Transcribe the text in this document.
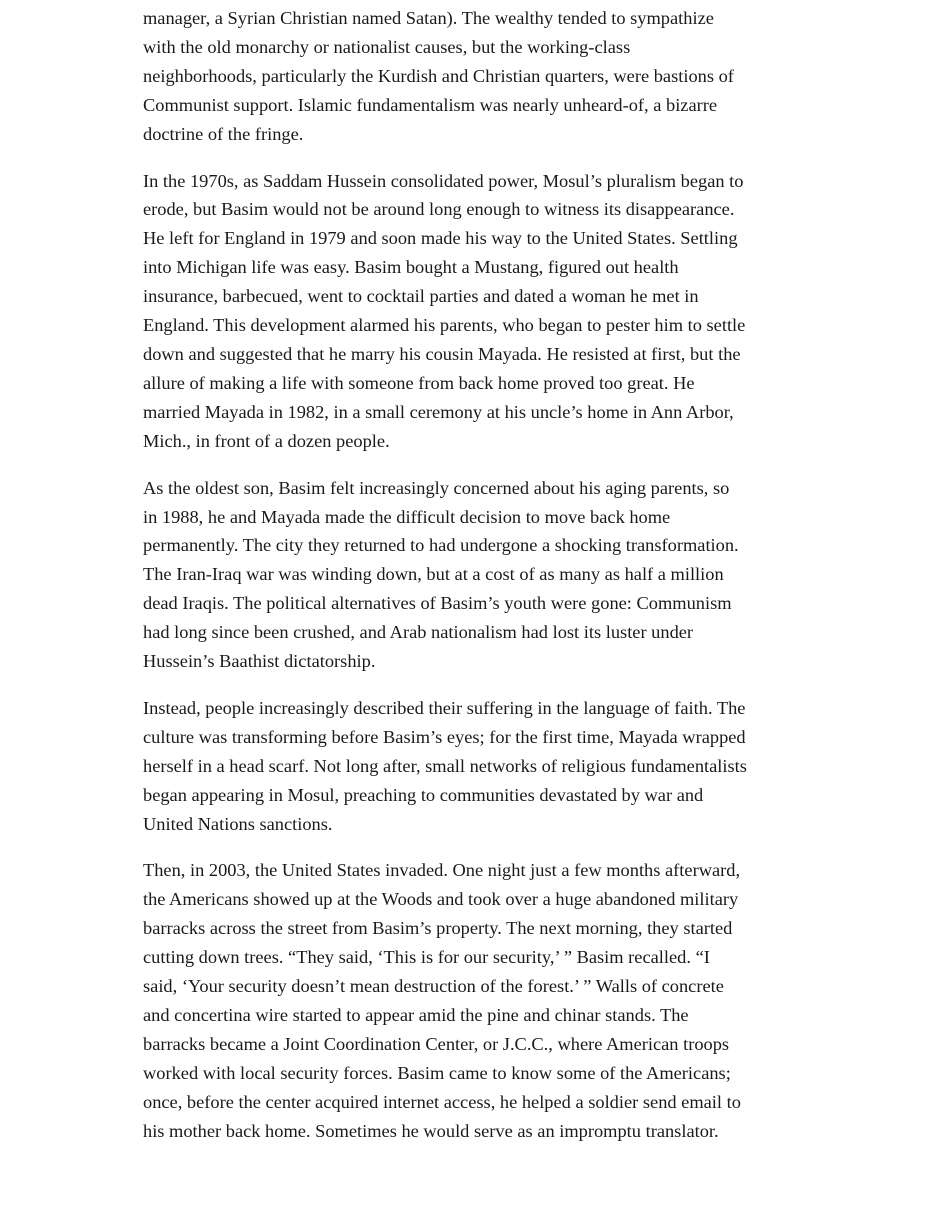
manager, a Syrian Christian named Satan). The wealthy tended to sympathize with the old monarchy or nationalist causes, but the working-class neighborhoods, particularly the Kurdish and Christian quarters, were bastions of Communist support. Islamic fundamentalism was nearly unheard-of, a bizarre doctrine of the fringe.

In the 1970s, as Saddam Hussein consolidated power, Mosul’s pluralism began to erode, but Basim would not be around long enough to witness its disappearance. He left for England in 1979 and soon made his way to the United States. Settling into Michigan life was easy. Basim bought a Mustang, figured out health insurance, barbecued, went to cocktail parties and dated a woman he met in England. This development alarmed his parents, who began to pester him to settle down and suggested that he marry his cousin Mayada. He resisted at first, but the allure of making a life with someone from back home proved too great. He married Mayada in 1982, in a small ceremony at his uncle’s home in Ann Arbor, Mich., in front of a dozen people.

As the oldest son, Basim felt increasingly concerned about his aging parents, so in 1988, he and Mayada made the difficult decision to move back home permanently. The city they returned to had undergone a shocking transformation. The Iran-Iraq war was winding down, but at a cost of as many as half a million dead Iraqis. The political alternatives of Basim’s youth were gone: Communism had long since been crushed, and Arab nationalism had lost its luster under Hussein’s Baathist dictatorship.

Instead, people increasingly described their suffering in the language of faith. The culture was transforming before Basim’s eyes; for the first time, Mayada wrapped herself in a head scarf. Not long after, small networks of religious fundamentalists began appearing in Mosul, preaching to communities devastated by war and United Nations sanctions.

Then, in 2003, the United States invaded. One night just a few months afterward, the Americans showed up at the Woods and took over a huge abandoned military barracks across the street from Basim’s property. The next morning, they started cutting down trees. “They said, ‘This is for our security,’ ” Basim recalled. “I said, ‘Your security doesn’t mean destruction of the forest.’ ” Walls of concrete and concertina wire started to appear amid the pine and chinar stands. The barracks became a Joint Coordination Center, or J.C.C., where American troops worked with local security forces. Basim came to know some of the Americans; once, before the center acquired internet access, he helped a soldier send email to his mother back home. Sometimes he would serve as an impromptu translator.
